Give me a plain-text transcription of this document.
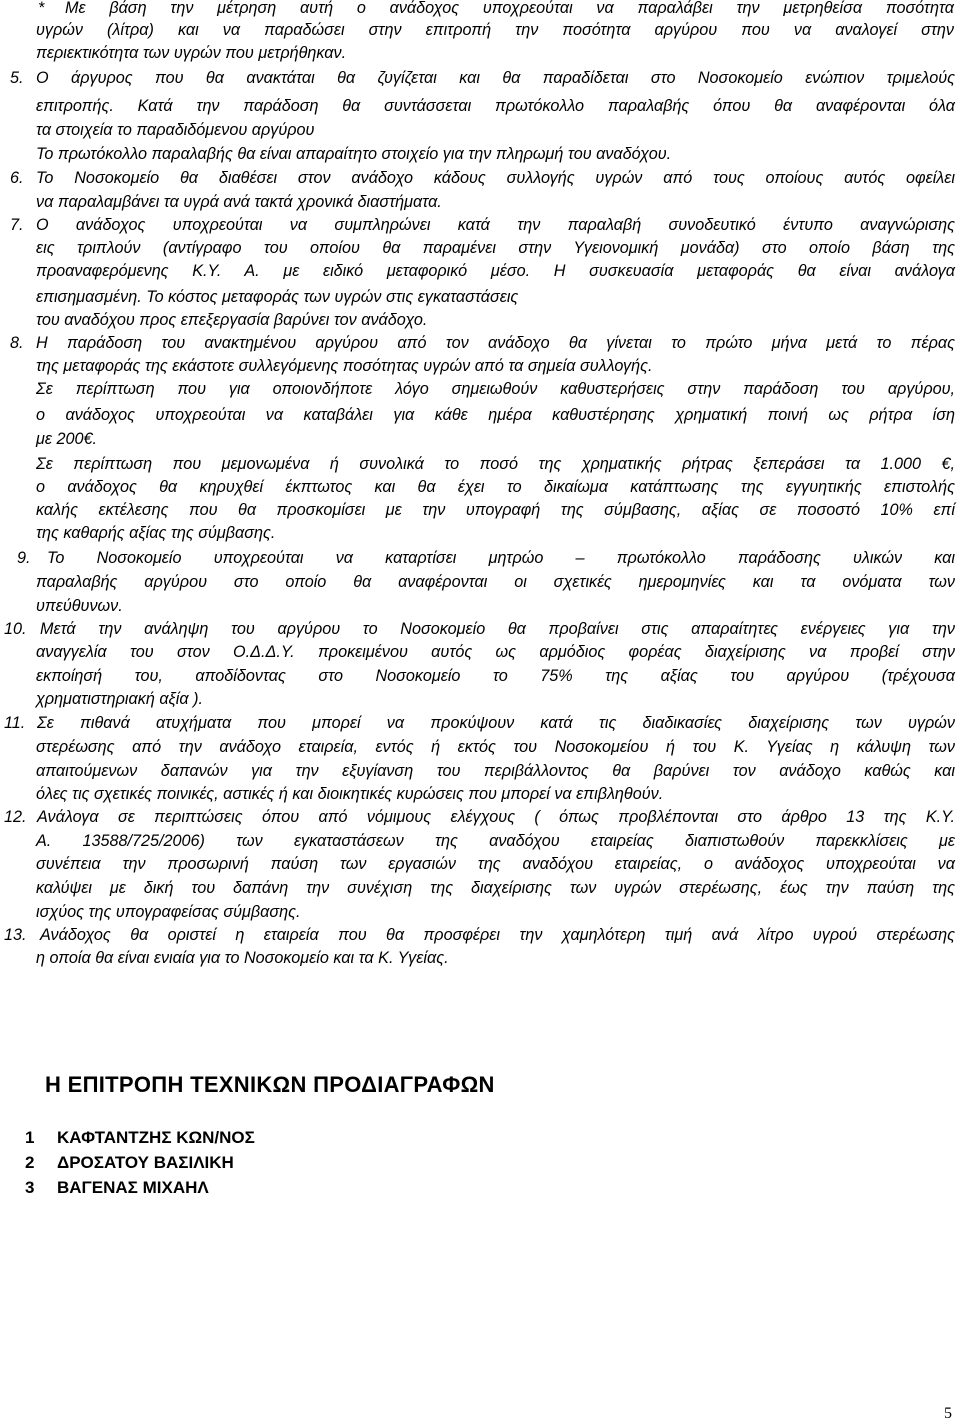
* Με βάση την μέτρηση αυτή ο ανάδοχος υποχρεούται να παραλάβει την μετρηθείσα ποσότητα
υγρών (λίτρα) και να παραδώσει στην επιτροπή την ποσότητα αργύρου που να αναλογεί στην
περιεκτικότητα των υγρών που μετρήθηκαν.
5. Ο άργυρος που θα ανακτάται θα ζυγίζεται και θα παραδίδεται στο Νοσοκομείο ενώπιον τριμελούς
επιτροπής. Κατά την παράδοση θα συντάσσεται πρωτόκολλο παραλαβής όπου θα αναφέρονται όλα
τα στοιχεία το παραδιδόμενου αργύρου
Το πρωτόκολλο παραλαβής θα είναι απαραίτητο στοιχείο για την πληρωμή του αναδόχου.
6. Το Νοσοκομείο θα διαθέσει στον ανάδοχο κάδους συλλογής υγρών από τους οποίους αυτός οφείλει
να παραλαμβάνει τα υγρά ανά τακτά χρονικά διαστήματα.
7. Ο ανάδοχος υποχρεούται να συμπληρώνει κατά την παραλαβή συνοδευτικό έντυπο αναγνώρισης
εις τριπλούν (αντίγραφο του οποίου θα παραμένει στην Υγειονομική μονάδα) στο οποίο βάση της
προαναφερόμενης Κ.Υ. Α. με ειδικό μεταφορικό μέσο. Η συσκευασία μεταφοράς θα είναι ανάλογα
επισημασμένη. Το κόστος μεταφοράς των υγρών στις εγκαταστάσεις
του αναδόχου προς επεξεργασία βαρύνει τον ανάδοχο.
8. Η παράδοση του ανακτημένου αργύρου από τον ανάδοχο θα γίνεται το πρώτο μήνα μετά το πέρας
της μεταφοράς της εκάστοτε συλλεγόμενης ποσότητας υγρών από τα σημεία συλλογής.
Σε περίπτωση που για οποιονδήποτε λόγο σημειωθούν καθυστερήσεις στην παράδοση του αργύρου,
ο ανάδοχος υποχρεούται να καταβάλει για κάθε ημέρα καθυστέρησης χρηματική ποινή ως ρήτρα ίση
με 200€.
Σε περίπτωση που μεμονωμένα ή συνολικά το ποσό της χρηματικής ρήτρας ξεπεράσει τα 1.000 €,
ο ανάδοχος θα κηρυχθεί έκπτωτος και θα έχει το δικαίωμα κατάπτωσης της εγγυητικής επιστολής
καλής εκτέλεσης που θα προσκομίσει με την υπογραφή της σύμβασης, αξίας σε ποσοστό 10% επί
της καθαρής αξίας της σύμβασης.
9. Το Νοσοκομείο υποχρεούται να καταρτίσει μητρώο – πρωτόκολλο παράδοσης υλικών και
παραλαβής αργύρου στο οποίο θα αναφέρονται οι σχετικές ημερομηνίες και τα ονόματα των
υπεύθυνων.
10. Μετά την ανάληψη του αργύρου το Νοσοκομείο θα προβαίνει στις απαραίτητες ενέργειες για την
αναγγελία του στον Ο.Δ.Δ.Υ. προκειμένου αυτός ως αρμόδιος φορέας διαχείρισης να προβεί στην
εκποίησή του, αποδίδοντας στο Νοσοκομείο το 75% της αξίας του αργύρου (τρέχουσα
χρηματιστηριακή αξία ).
11. Σε πιθανά ατυχήματα που μπορεί να προκύψουν κατά τις διαδικασίες διαχείρισης των υγρών
στερέωσης από την ανάδοχο εταιρεία, εντός ή εκτός του Νοσοκομείου ή του Κ. Υγείας η κάλυψη των
απαιτούμενων δαπανών για την εξυγίανση του περιβάλλοντος θα βαρύνει τον ανάδοχο καθώς και
όλες τις σχετικές ποινικές, αστικές ή και διοικητικές κυρώσεις που μπορεί να επιβληθούν.
12. Ανάλογα σε περιπτώσεις όπου από νόμιμους ελέγχους ( όπως προβλέπονται στο άρθρο 13 της Κ.Υ.
Α. 13588/725/2006) των εγκαταστάσεων της αναδόχου εταιρείας διαπιστωθούν παρεκκλίσεις με
συνέπεια την προσωρινή παύση των εργασιών της αναδόχου εταιρείας, ο ανάδοχος υποχρεούται να
καλύψει με δική του δαπάνη την συνέχιση της διαχείρισης των υγρών στερέωσης, έως την παύση της
ισχύος της υπογραφείσας σύμβασης.
13. Ανάδοχος θα οριστεί η εταιρεία που θα προσφέρει την χαμηλότερη τιμή ανά λίτρο υγρού στερέωσης
η οποία θα είναι ενιαία για το Νοσοκομείο και τα Κ. Υγείας.
Η ΕΠΙΤΡΟΠΗ ΤΕΧΝΙΚΩΝ ΠΡΟΔΙΑΓΡΑΦΩΝ
1 ΚΑΦΤΑΝΤΖΗΣ ΚΩΝ/ΝΟΣ
2 ΔΡΟΣΑΤΟΥ ΒΑΣΙΛΙΚΗ
3 ΒΑΓΕΝΑΣ ΜΙΧΑΗΛ
5
